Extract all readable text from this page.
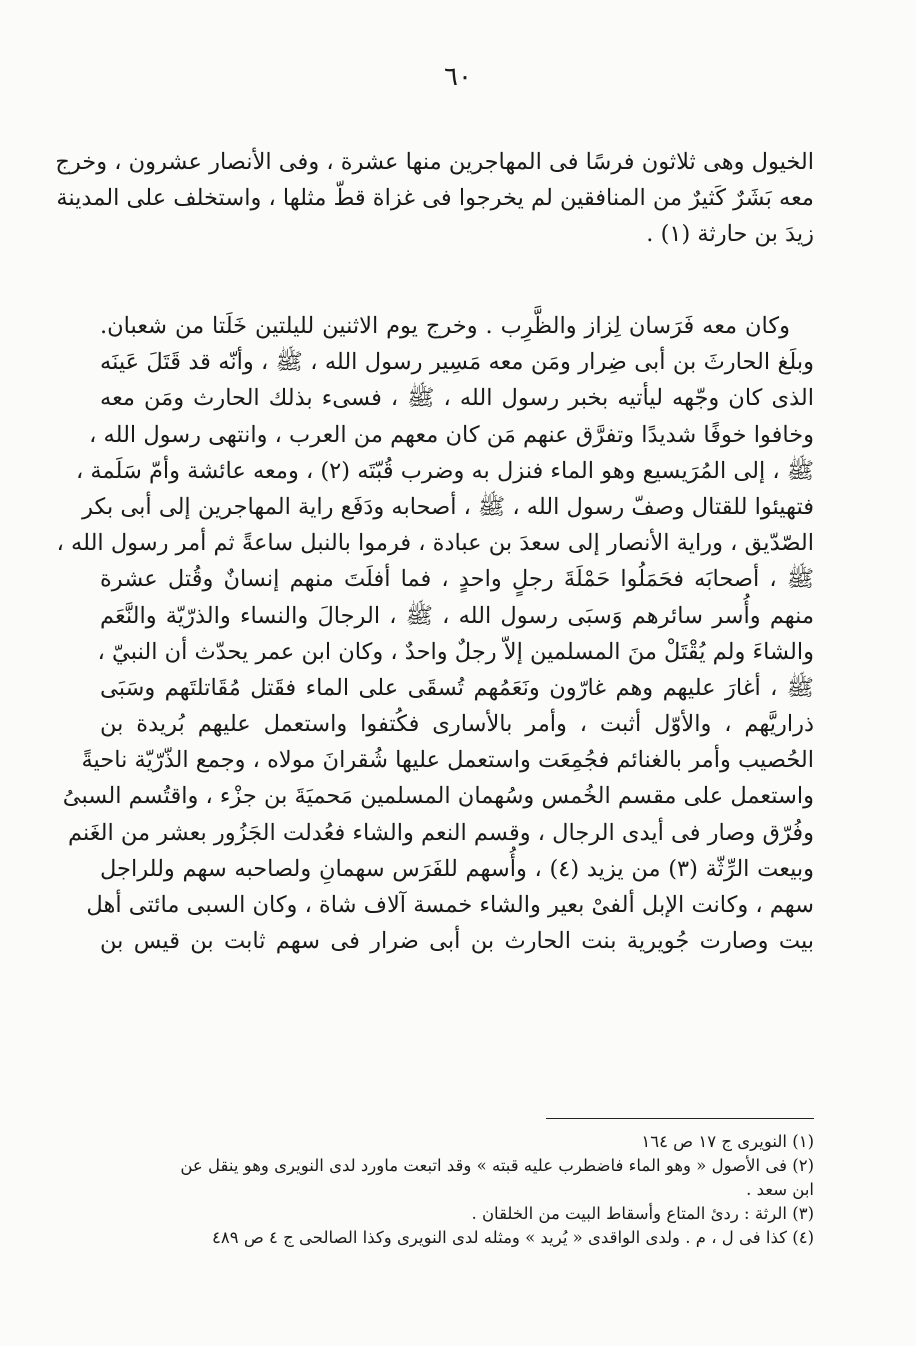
٦٠
الخيول وهى ثلاثون فرسًا فى المهاجرين منها عشرة ، وفى الأنصار عشرون ، وخرج
معه بَشَرٌ كَثيرٌ من المنافقين لم يخرجوا فى غزاة قطّ مثلها ، واستخلف على المدينة
زيدَ بن حارثة (١) .
وكان معه فَرَسان لِزاز والظَّرِب . وخرج يوم الاثنين لليلتين خَلَتا من شعبان.
وبلَغ الحارثَ بن أبى ضِرار ومَن معه مَسِير رسول الله ، ﷺ ، وأنّه قد قَتَلَ عَينَه
الذى كان وجّهه ليأتيه بخبر رسول الله ، ﷺ ، فسىء بذلك الحارث ومَن معه
وخافوا خوفًا شديدًا وتفرَّق عنهم مَن كان معهم من العرب ، وانتهى رسول الله ،
ﷺ ، إلى المُرَيسيع وهو الماء فنزل به وضرب قُبّتَه (٢) ، ومعه عائشة وأمّ سَلَمة ،
فتهيئوا للقتال وصفّ رسول الله ، ﷺ ، أصحابه ودَفَع راية المهاجرين إلى أبى بكر
الصّدّيق ، وراية الأنصار إلى سعدَ بن عبادة ، فرموا بالنبل ساعةً ثم أمر رسول الله ،
ﷺ ، أصحابَه فحَمَلُوا حَمْلَةَ رجلٍ واحدٍ ، فما أفلَتَ منهم إنسانٌ وقُتل عشرة
منهم وأُسر سائرهم وَسبَى رسول الله ، ﷺ ، الرجالَ والنساء والذرّيّة والنَّعَم
والشاءَ ولم يُقْتَلْ منَ المسلمين إلاّ رجلٌ واحدٌ ، وكان ابن عمر يحدّث أن النبيّ ،
ﷺ ، أغارَ عليهم وهم غارّون ونَعَمُهم تُسقَى على الماء فقَتل مُقَاتلتَهم وسَبَى
ذراريَّهم ، والأوّل أثبت ، وأمر بالأسارى فكُتفوا واستعمل عليهم بُريدة بن
الحُصيب وأمر بالغنائم فجُمِعَت واستعمل عليها شُقرانَ مولاه ، وجمع الذّرّيّة ناحيةً
واستعمل على مقسم الخُمس وسُهمان المسلمين مَحميَةَ بن جزْء ، واقتُسم السبىُ
وفُرّق وصار فى أيدى الرجال ، وقسم النعم والشاء فعُدلت الجَزُور بعشر من الغَنم
وبيعت الرِّثّة (٣) من يزيد (٤) ، وأُسهم للفَرَس سهمانِ ولصاحبه سهم وللراجل
سهم ، وكانت الإبل ألفىْ بعير والشاء خمسة آلاف شاة ، وكان السبى مائتى أهل
بيت وصارت جُويرية بنت الحارث بن أبى ضرار فى سهم ثابت بن قيس بن
(١) النويرى ج ١٧ ص ١٦٤
(٢) فى الأصول « وهو الماء فاضطرب عليه قبته » وقد اتبعت ماورد لدى النويرى وهو ينقل عن
ابن سعد .
(٣) الرثة : ردئ المتاع وأسقاط البيت من الخلقان .
(٤) كذا فى ل ، م . ولدى الواقدى « يُريد » ومثله لدى النويرى وكذا الصالحى ج ٤ ص ٤٨٩
